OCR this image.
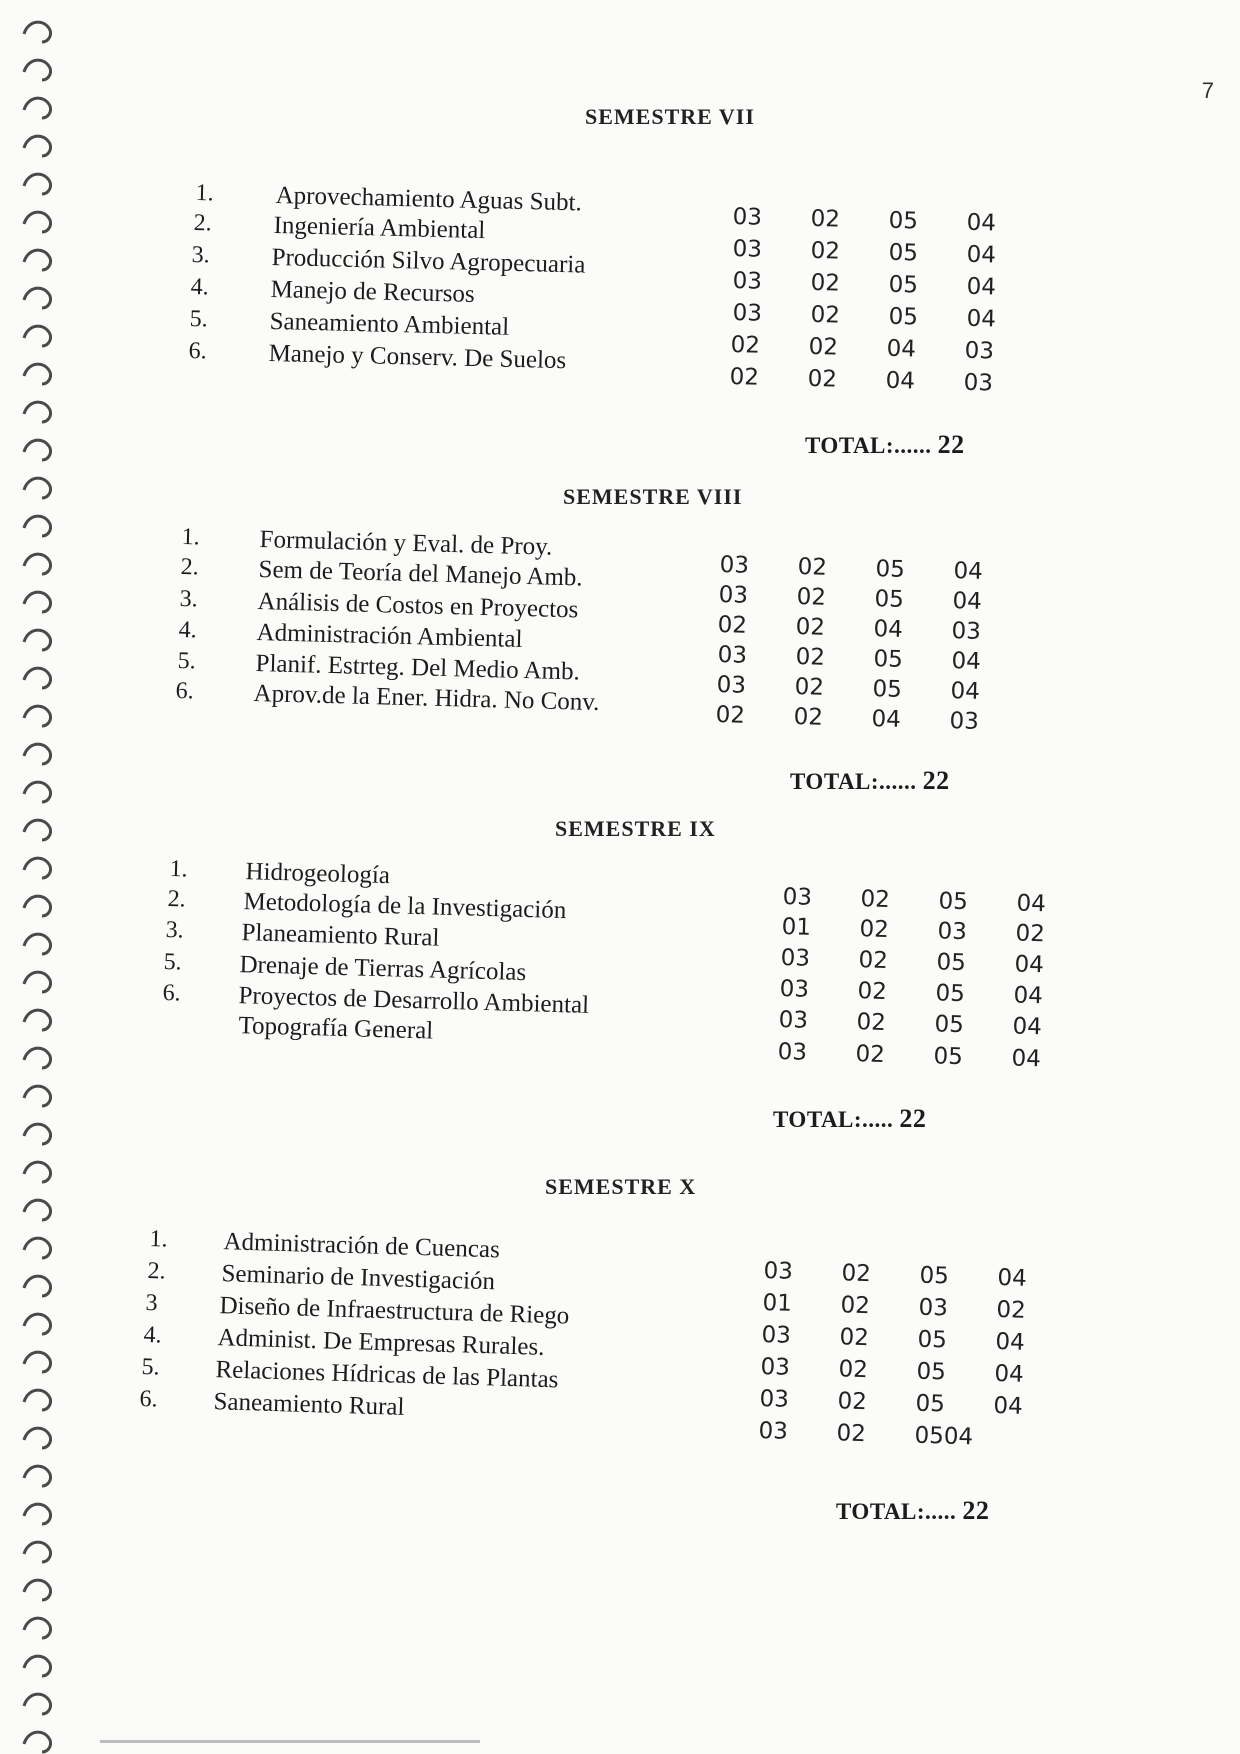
7
SEMESTRE VII
1. Aprovechamiento Aguas Subt.
2. Ingeniería Ambiental
3. Producción Silvo Agropecuaria
4. Manejo de Recursos
5. Saneamiento Ambiental
6. Manejo y Conserv. De Suelos
03 02 05 04
03 02 05 04
03 02 05 04
03 02 05 04
02 02 04 03
02 02 04 03
TOTAL:...... 22
SEMESTRE VIII
1. Formulación y Eval. de Proy.
2. Sem de Teoría del Manejo Amb.
3. Análisis de Costos en Proyectos
4. Administración Ambiental
5. Planif. Estrteg. Del Medio Amb.
6. Aprov.de la Ener. Hidra. No Conv.
03 02 05 04
03 02 05 04
02 02 04 03
03 02 05 04
03 02 05 04
02 02 04 03
TOTAL:...... 22
SEMESTRE IX
1. Hidrogeología
2. Metodología de la Investigación
3. Planeamiento Rural
5. Drenaje de Tierras Agrícolas
6. Proyectos de Desarrollo Ambiental
Topografía General
03 02 05 04
01 02 03 02
03 02 05 04
03 02 05 04
03 02 05 04
03 02 05 04
TOTAL:..... 22
SEMESTRE X
1. Administración de Cuencas
2. Seminario de Investigación
3 Diseño de Infraestructura de Riego
4. Administ. De Empresas Rurales.
5. Relaciones Hídricas de las Plantas
6. Saneamiento Rural
03 02 05 04
01 02 03 02
03 02 05 04
03 02 05 04
03 02 05 04
03 02 0504
TOTAL:..... 22
